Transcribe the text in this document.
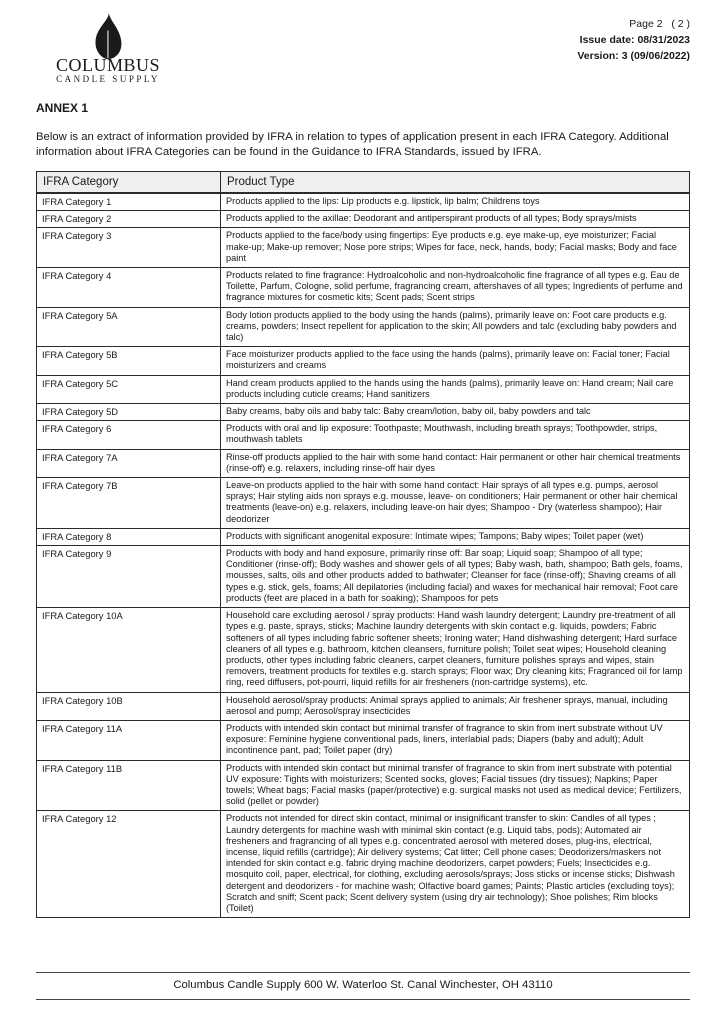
COLUMBUS
CANDLE SUPPLY
Page 2   ( 2 )
Issue date: 08/31/2023
Version: 3 (09/06/2022)
ANNEX 1
Below is an extract of information provided by IFRA in relation to types of application present in each IFRA Category. Additional information about IFRA Categories can be found in the Guidance to IFRA Standards, issued by IFRA.
IFRA Category	Product Type
IFRA Category 1	Products applied to the lips: Lip products e.g. lipstick, lip balm; Childrens toys
IFRA Category 2	Products applied to the axillae: Deodorant and antiperspirant products of all types; Body sprays/mists
IFRA Category 3	Products applied to the face/body using fingertips: Eye products e.g. eye make-up, eye moisturizer; Facial make-up; Make-up remover; Nose pore strips; Wipes for face, neck, hands, body; Facial masks; Body and face paint
IFRA Category 4	Products related to fine fragrance: Hydroalcoholic and non-hydroalcoholic fine fragrance of all types e.g. Eau de Toilette, Parfum, Cologne, solid perfume, fragrancing cream, aftershaves of all types; Ingredients of perfume and fragrance mixtures for cosmetic kits; Scent pads; Scent strips
IFRA Category 5A	Body lotion products applied to the body using the hands (palms), primarily leave on: Foot care products e.g. creams, powders; Insect repellent for application to the skin; All powders and talc (excluding baby powders and talc)
IFRA Category 5B	Face moisturizer products applied to the face using the hands (palms), primarily leave on: Facial toner; Facial moisturizers and creams
IFRA Category 5C	Hand cream products applied to the hands using the hands (palms), primarily leave on: Hand cream; Nail care products including cuticle creams; Hand sanitizers
IFRA Category 5D	Baby creams, baby oils and baby talc: Baby cream/lotion, baby oil, baby powders and talc
IFRA Category 6	Products with oral and lip exposure: Toothpaste; Mouthwash, including breath sprays; Toothpowder, strips, mouthwash tablets
IFRA Category 7A	Rinse-off products applied to the hair with some hand contact: Hair permanent or other hair chemical treatments (rinse-off) e.g. relaxers, including rinse-off hair dyes
IFRA Category 7B	Leave-on products applied to the hair with some hand contact: Hair sprays of all types e.g. pumps, aerosol sprays; Hair styling aids non sprays e.g. mousse, leave- on conditioners; Hair permanent or other hair chemical treatments (leave-on) e.g. relaxers, including leave-on hair dyes; Shampoo - Dry (waterless shampoo); Hair deodorizer
IFRA Category 8	Products with significant anogenital exposure: Intimate wipes; Tampons; Baby wipes; Toilet paper (wet)
IFRA Category 9	Products with body and hand exposure, primarily rinse off: Bar soap; Liquid soap; Shampoo of all type; Conditioner (rinse-off); Body washes and shower gels of all types; Baby wash, bath, shampoo; Bath gels, foams, mousses, salts, oils and other products added to bathwater; Cleanser for face (rinse-off); Shaving creams of all types e.g. stick, gels, foams; All depilatories (including facial) and waxes for mechanical hair removal; Foot care products (feet are placed in a bath for soaking); Shampoos for pets
IFRA Category 10A	Household care excluding aerosol / spray products: Hand wash laundry detergent; Laundry pre-treatment of all types e.g. paste, sprays, sticks; Machine laundry detergents with skin contact e.g. liquids, powders; Fabric softeners of all types including fabric softener sheets; Ironing water; Hand dishwashing detergent; Hard surface cleaners of all types e.g. bathroom, kitchen cleansers, furniture polish; Toilet seat wipes; Household cleaning products, other types including fabric cleaners, carpet cleaners, furniture polishes sprays and wipes, stain removers, treatment products for textiles e.g. starch sprays; Floor wax; Dry cleaning kits; Fragranced oil for lamp ring, reed diffusers, pot-pourri, liquid refills for air fresheners (non-cartridge systems), etc.
IFRA Category 10B	Household aerosol/spray products: Animal sprays applied to animals; Air freshener sprays, manual, including aerosol and pump; Aerosol/spray insecticides
IFRA Category 11A	Products with intended skin contact but minimal transfer of fragrance to skin from inert substrate without UV exposure: Feminine hygiene conventional pads, liners, interlabial pads; Diapers (baby and adult); Adult incontinence pant, pad; Toilet paper (dry)
IFRA Category 11B	Products with intended skin contact but minimal transfer of fragrance to skin from inert substrate with potential UV exposure: Tights with moisturizers; Scented socks, gloves; Facial tissues (dry tissues); Napkins; Paper towels; Wheat bags; Facial masks (paper/protective) e.g. surgical masks not used as medical device; Fertilizers, solid (pellet or powder)
IFRA Category 12	Products not intended for direct skin contact, minimal or insignificant transfer to skin: Candles of all types ; Laundry detergents for machine wash with minimal skin contact (e.g. Liquid tabs, pods); Automated air fresheners and fragrancing of all types e.g. concentrated aerosol with metered doses, plug-ins, electrical, incense, liquid refills (cartridge); Air delivery systems; Cat litter; Cell phone cases; Deodorizers/maskers not intended for skin contact e.g. fabric drying machine deodorizers, carpet powders; Fuels; Insecticides e.g. mosquito coil, paper, electrical, for clothing, excluding aerosols/sprays; Joss sticks or incense sticks; Dishwash detergent and deodorizers - for machine wash; Olfactive board games; Paints; Plastic articles (excluding toys); Scratch and sniff; Scent pack; Scent delivery system (using dry air technology); Shoe polishes; Rim blocks (Toilet)
Columbus Candle Supply 600 W. Waterloo St. Canal Winchester, OH 43110
